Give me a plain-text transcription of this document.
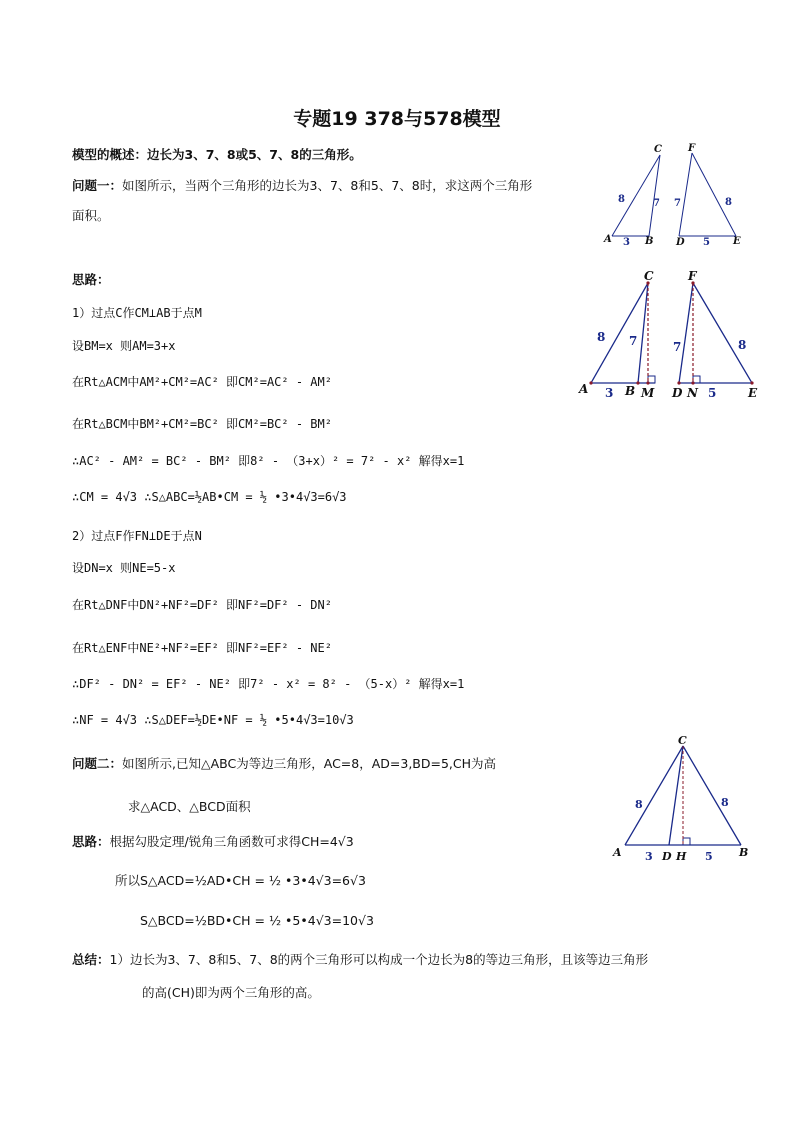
专题19 378与578模型
模型的概述：边长为3、7、8或5、7、8的三角形。
问题一：如图所示，当两个三角形的边长为3、7、8和5、7、8时，求这两个三角形
面积。
思路：
1）过点C作CM⊥AB于点M
设BM=x 则AM=3+x
在Rt△ACM中AM²+CM²=AC² 即CM²=AC² - AM²
在Rt△BCM中BM²+CM²=BC² 即CM²=BC² - BM²
∴AC² - AM² = BC² - BM² 即8² - （3+x）² = 7² - x² 解得x=1
∴CM = 4√3 ∴S△ABC=½AB•CM = ½ •3•4√3=6√3
2）过点F作FN⊥DE于点N
设DN=x 则NE=5-x
在Rt△DNF中DN²+NF²=DF² 即NF²=DF² - DN²
在Rt△ENF中NE²+NF²=EF² 即NF²=EF² - NE²
∴DF² - DN² = EF² - NE² 即7² - x² = 8² - （5-x）² 解得x=1
∴NF = 4√3 ∴S△DEF=½DE•NF = ½ •5•4√3=10√3
问题二：如图所示,已知△ABC为等边三角形，AC=8，AD=3,BD=5,CH为高
求△ACD、△BCD面积
思路：根据勾股定理/锐角三角函数可求得CH=4√3
所以S△ACD=½AD•CH = ½ •3•4√3=6√3
S△BCD=½BD•CH = ½ •5•4√3=10√3
总结：1）边长为3、7、8和5、7、8的两个三角形可以构成一个边长为8的等边三角形，且该等边三角形
的高(CH)即为两个三角形的高。
A	B
C
D	E
F
8	7
3
7	8
5
A	B M
C
D N	E
F
8 7
3
7	8
5
C
A	D H	B
8	8
3	5
